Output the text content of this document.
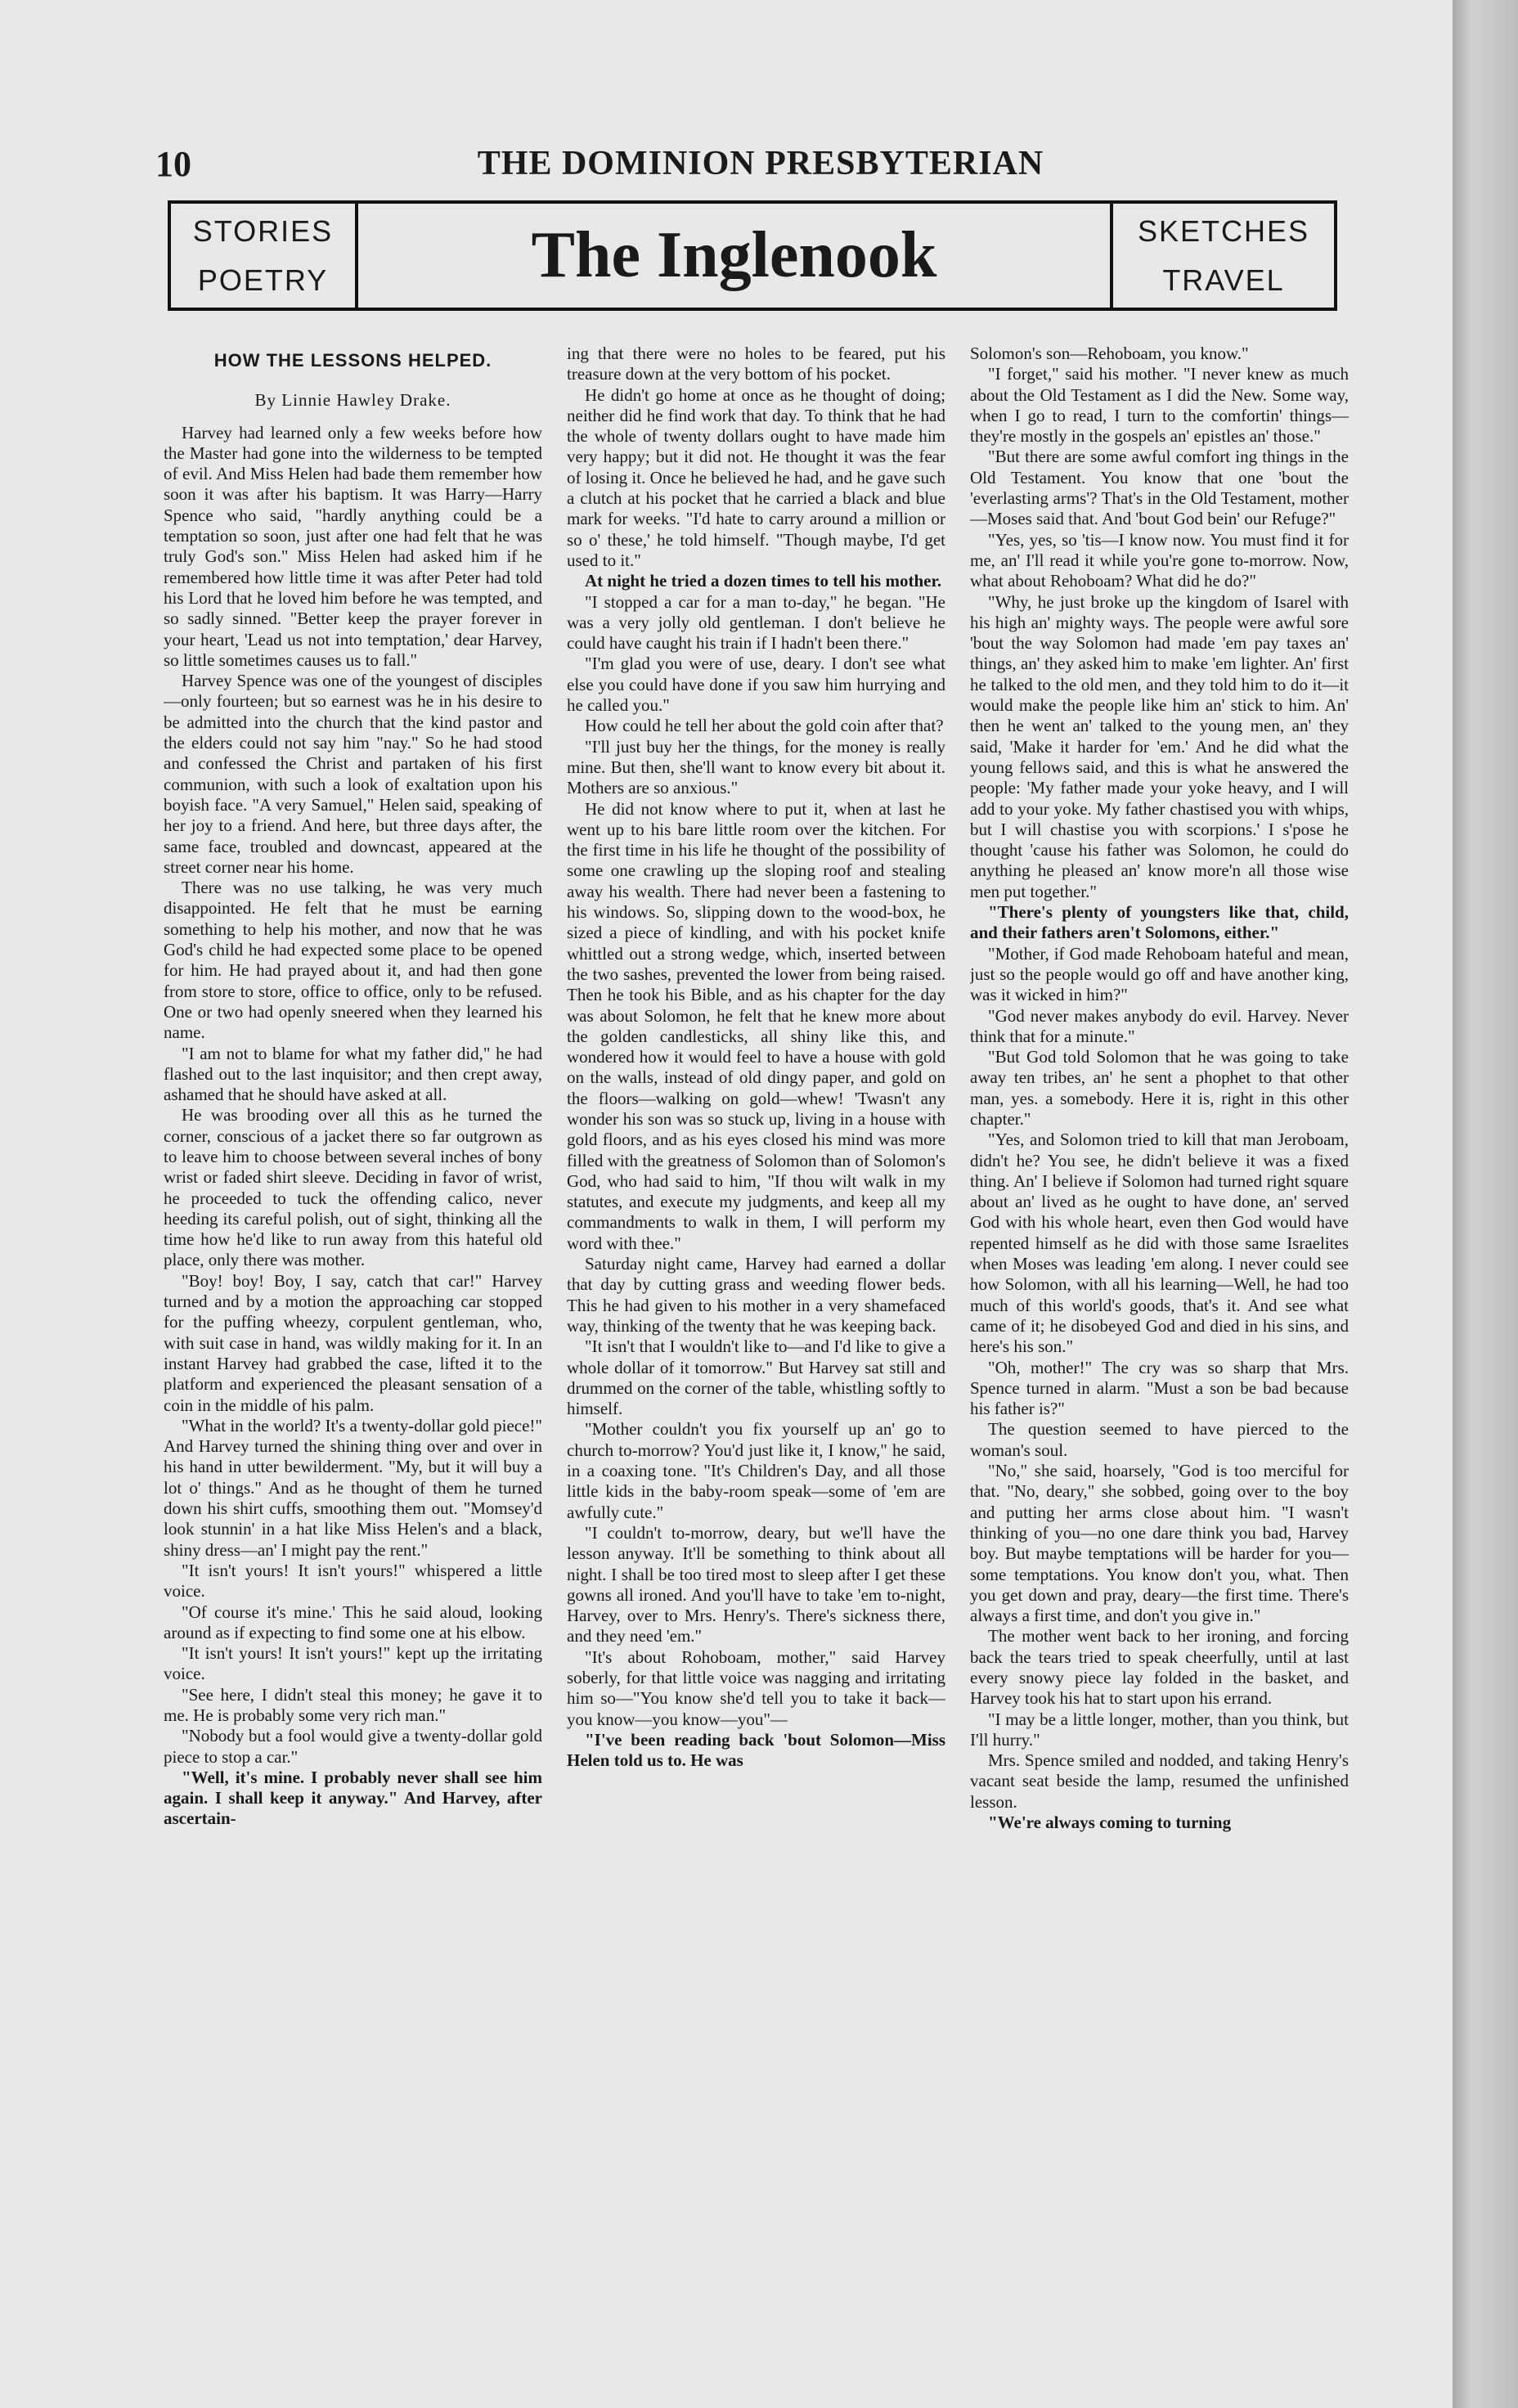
10	THE DOMINION PRESBYTERIAN
STORIES
POETRY	The Inglenook	SKETCHES
TRAVEL
HOW THE LESSONS HELPED.
By Linnie Hawley Drake.

Harvey had learned only a few weeks before how the Master had gone into the wilderness to be tempted of evil. And Miss Helen had bade them remember how soon it was after his baptism. It was Harry—Harry Spence who said, "hardly anything could be a temptation so soon, just after one had felt that he was truly God's son." Miss Helen had asked him if he remembered how little time it was after Peter had told his Lord that he loved him before he was tempted, and so sadly sinned. "Better keep the prayer forever in your heart, 'Lead us not into temptation,' dear Harvey, so little sometimes causes us to fall."

Harvey Spence was one of the youngest of disciples—only fourteen; but so earnest was he in his desire to be admitted into the church that the kind pastor and the elders could not say him "nay." So he had stood and confessed the Christ and partaken of his first communion, with such a look of exaltation upon his boyish face. "A very Samuel," Helen said, speaking of her joy to a friend. And here, but three days after, the same face, troubled and downcast, appeared at the street corner near his home.

There was no use talking, he was very much disappointed. He felt that he must be earning something to help his mother, and now that he was God's child he had expected some place to be opened for him. He had prayed about it, and had then gone from store to store, office to office, only to be refused. One or two had openly sneered when they learned his name.

"I am not to blame for what my father did," he had flashed out to the last inquisitor; and then crept away, ashamed that he should have asked at all.

He was brooding over all this as he turned the corner, conscious of a jacket there so far outgrown as to leave him to choose between several inches of bony wrist or faded shirt sleeve. Deciding in favor of wrist, he proceeded to tuck the offending calico, never heeding its careful polish, out of sight, thinking all the time how he'd like to run away from this hateful old place, only there was mother.

"Boy! boy! Boy, I say, catch that car!" Harvey turned and by a motion the approaching car stopped for the puffing wheezy, corpulent gentleman, who, with suit case in hand, was wildly making for it. In an instant Harvey had grabbed the case, lifted it to the platform and experienced the pleasant sensation of a coin in the middle of his palm.

"What in the world? It's a twenty-dollar gold piece!" And Harvey turned the shining thing over and over in his hand in utter bewilderment. "My, but it will buy a lot o' things." And as he thought of them he turned down his shirt cuffs, smoothing them out. "Momsey'd look stunnin' in a hat like Miss Helen's and a black, shiny dress—an' I might pay the rent."

"It isn't yours! It isn't yours!" whispered a little voice.

"Of course it's mine.' This he said aloud, looking around as if expecting to find some one at his elbow.

"It isn't yours! It isn't yours!" kept up the irritating voice.

"See here, I didn't steal this money; he gave it to me. He is probably some very rich man."

"Nobody but a fool would give a twenty-dollar gold piece to stop a car."

"Well, it's mine. I probably never shall see him again. I shall keep it anyway." And Harvey, after ascertain-

ing that there were no holes to be feared, put his treasure down at the very bottom of his pocket.

He didn't go home at once as he thought of doing; neither did he find work that day. To think that he had the whole of twenty dollars ought to have made him very happy; but it did not. He thought it was the fear of losing it. Once he believed he had, and he gave such a clutch at his pocket that he carried a black and blue mark for weeks. "I'd hate to carry around a million or so o' these,' he told himself. "Though maybe, I'd get used to it."

At night he tried a dozen times to tell his mother.

"I stopped a car for a man to-day," he began. "He was a very jolly old gentleman. I don't believe he could have caught his train if I hadn't been there."

"I'm glad you were of use, deary. I don't see what else you could have done if you saw him hurrying and he called you."

How could he tell her about the gold coin after that?

"I'll just buy her the things, for the money is really mine. But then, she'll want to know every bit about it. Mothers are so anxious."

He did not know where to put it, when at last he went up to his bare little room over the kitchen. For the first time in his life he thought of the possibility of some one crawling up the sloping roof and stealing away his wealth. There had never been a fastening to his windows. So, slipping down to the wood-box, he sized a piece of kindling, and with his pocket knife whittled out a strong wedge, which, inserted between the two sashes, prevented the lower from being raised. Then he took his Bible, and as his chapter for the day was about Solomon, he felt that he knew more about the golden candlesticks, all shiny like this, and wondered how it would feel to have a house with gold on the walls, instead of old dingy paper, and gold on the floors—walking on gold—whew! 'Twasn't any wonder his son was so stuck up, living in a house with gold floors, and as his eyes closed his mind was more filled with the greatness of Solomon than of Solomon's God, who had said to him, "If thou wilt walk in my statutes, and execute my judgments, and keep all my commandments to walk in them, I will perform my word with thee."

Saturday night came, Harvey had earned a dollar that day by cutting grass and weeding flower beds. This he had given to his mother in a very shamefaced way, thinking of the twenty that he was keeping back.

"It isn't that I wouldn't like to—and I'd like to give a whole dollar of it tomorrow." But Harvey sat still and drummed on the corner of the table, whistling softly to himself.

"Mother couldn't you fix yourself up an' go to church to-morrow? You'd just like it, I know," he said, in a coaxing tone. "It's Children's Day, and all those little kids in the baby-room speak—some of 'em are awfully cute."

"I couldn't to-morrow, deary, but we'll have the lesson anyway. It'll be something to think about all night. I shall be too tired most to sleep after I get these gowns all ironed. And you'll have to take 'em to-night, Harvey, over to Mrs. Henry's. There's sickness there, and they need 'em."

"It's about Rohoboam, mother," said Harvey soberly, for that little voice was nagging and irritating him so—"You know she'd tell you to take it back—you know—you know—you"—

"I've been reading back 'bout Solomon—Miss Helen told us to. He was

Solomon's son—Rehoboam, you know."

"I forget," said his mother. "I never knew as much about the Old Testament as I did the New. Some way, when I go to read, I turn to the comfortin' things—they're mostly in the gospels an' epistles an' those."

"But there are some awful comfort ing things in the Old Testament. You know that one 'bout the 'everlasting arms'? That's in the Old Testament, mother—Moses said that. And 'bout God bein' our Refuge?"

"Yes, yes, so 'tis—I know now. You must find it for me, an' I'll read it while you're gone to-morrow. Now, what about Rehoboam? What did he do?"

"Why, he just broke up the kingdom of Isarel with his high an' mighty ways. The people were awful sore 'bout the way Solomon had made 'em pay taxes an' things, an' they asked him to make 'em lighter. An' first he talked to the old men, and they told him to do it—it would make the people like him an' stick to him. An' then he went an' talked to the young men, an' they said, 'Make it harder for 'em.' And he did what the young fellows said, and this is what he answered the people: 'My father made your yoke heavy, and I will add to your yoke. My father chastised you with whips, but I will chastise you with scorpions.' I s'pose he thought 'cause his father was Solomon, he could do anything he pleased an' know more'n all those wise men put together."

"There's plenty of youngsters like that, child, and their fathers aren't Solomons, either."

"Mother, if God made Rehoboam hateful and mean, just so the people would go off and have another king, was it wicked in him?"

"God never makes anybody do evil. Harvey. Never think that for a minute."

"But God told Solomon that he was going to take away ten tribes, an' he sent a phophet to that other man, yes. a somebody. Here it is, right in this other chapter."

"Yes, and Solomon tried to kill that man Jeroboam, didn't he? You see, he didn't believe it was a fixed thing. An' I believe if Solomon had turned right square about an' lived as he ought to have done, an' served God with his whole heart, even then God would have repented himself as he did with those same Israelites when Moses was leading 'em along. I never could see how Solomon, with all his learning—Well, he had too much of this world's goods, that's it. And see what came of it; he disobeyed God and died in his sins, and here's his son."

"Oh, mother!" The cry was so sharp that Mrs. Spence turned in alarm. "Must a son be bad because his father is?"

The question seemed to have pierced to the woman's soul.

"No," she said, hoarsely, "God is too merciful for that. "No, deary," she sobbed, going over to the boy and putting her arms close about him. "I wasn't thinking of you—no one dare think you bad, Harvey boy. But maybe temptations will be harder for you—some temptations. You know don't you, what. Then you get down and pray, deary—the first time. There's always a first time, and don't you give in."

The mother went back to her ironing, and forcing back the tears tried to speak cheerfully, until at last every snowy piece lay folded in the basket, and Harvey took his hat to start upon his errand.

"I may be a little longer, mother, than you think, but I'll hurry."

Mrs. Spence smiled and nodded, and taking Henry's vacant seat beside the lamp, resumed the unfinished lesson.

"We're always coming to turning
